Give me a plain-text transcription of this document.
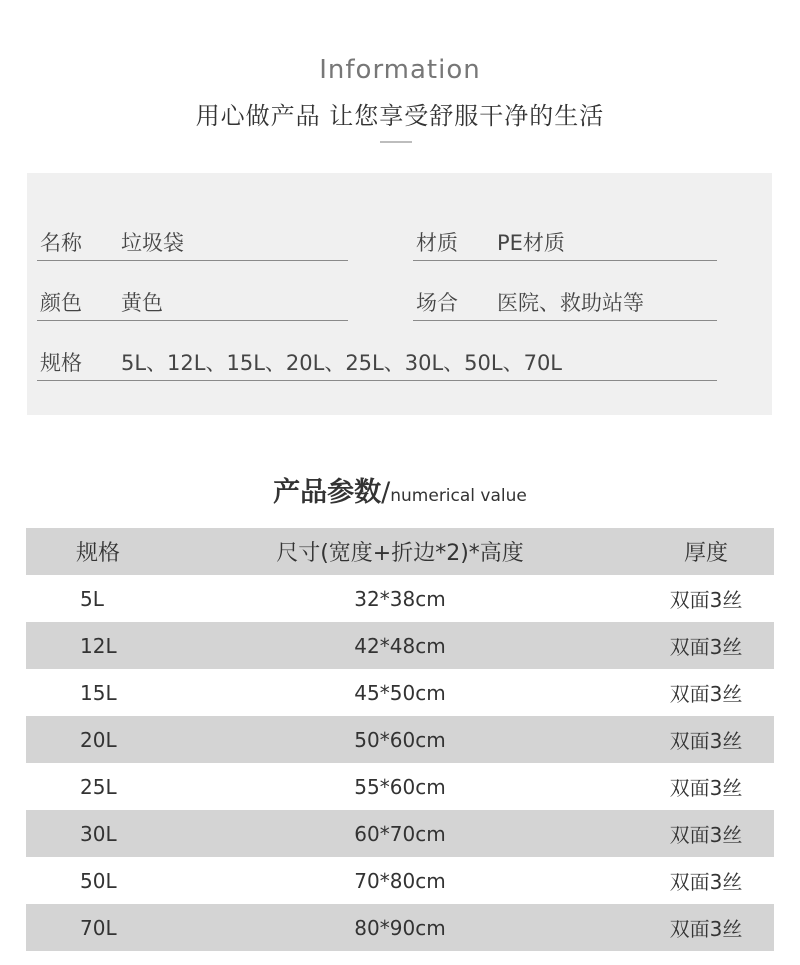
Information
用心做产品 让您享受舒服干净的生活
名称 垃圾袋	材质 PE材质
颜色 黄色	场合 医院、救助站等
规格 5L、12L、15L、20L、25L、30L、50L、70L
产品参数/numerical value
规格	尺寸(宽度+折边*2)*高度	厚度
5L	32*38cm	双面3丝
12L	42*48cm	双面3丝
15L	45*50cm	双面3丝
20L	50*60cm	双面3丝
25L	55*60cm	双面3丝
30L	60*70cm	双面3丝
50L	70*80cm	双面3丝
70L	80*90cm	双面3丝
